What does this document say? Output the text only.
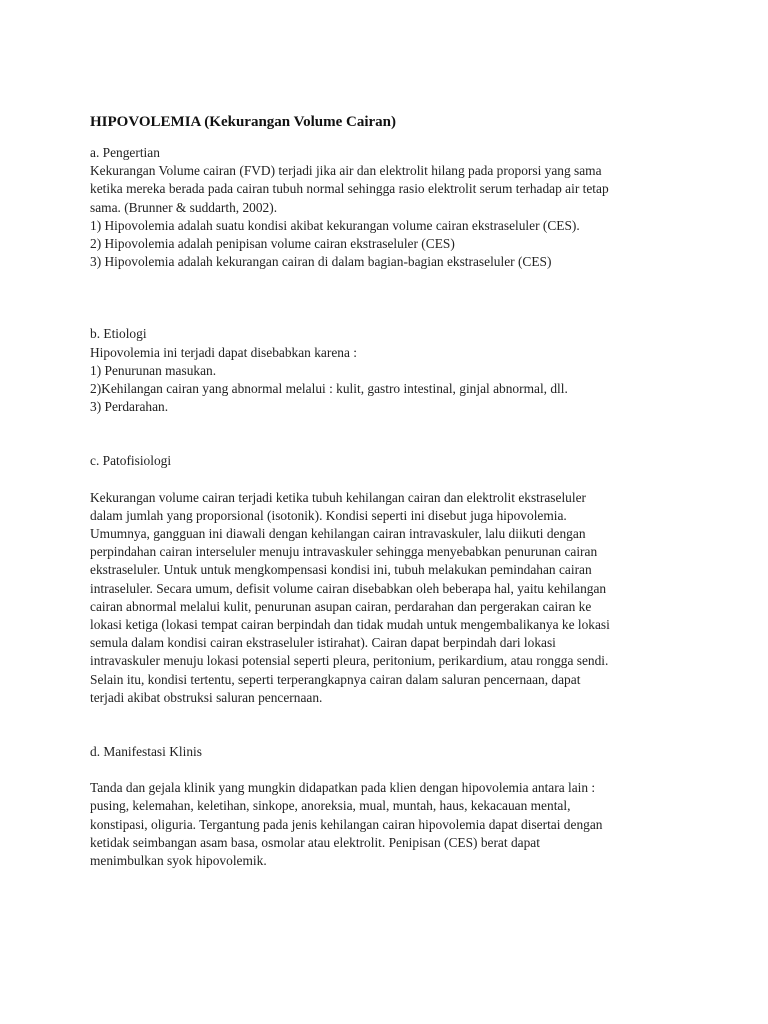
HIPOVOLEMIA (Kekurangan Volume Cairan)
a. Pengertian
Kekurangan Volume cairan (FVD) terjadi jika air dan elektrolit hilang pada proporsi yang sama
ketika mereka berada pada cairan tubuh normal sehingga rasio elektrolit serum terhadap air tetap
sama. (Brunner & suddarth, 2002).
1) Hipovolemia adalah suatu kondisi akibat kekurangan volume cairan ekstraseluler (CES).
2) Hipovolemia adalah penipisan volume cairan ekstraseluler (CES)
3) Hipovolemia adalah kekurangan cairan di dalam bagian-bagian ekstraseluler (CES)
b. Etiologi
Hipovolemia ini terjadi dapat disebabkan karena :
1) Penurunan masukan.
2)Kehilangan cairan yang abnormal melalui : kulit, gastro intestinal, ginjal abnormal, dll.
3) Perdarahan.
c. Patofisiologi
Kekurangan volume cairan terjadi ketika tubuh kehilangan cairan dan elektrolit ekstraseluler
dalam jumlah yang proporsional (isotonik). Kondisi seperti ini disebut juga hipovolemia.
Umumnya, gangguan ini diawali dengan kehilangan cairan intravaskuler, lalu diikuti dengan
perpindahan cairan interseluler menuju intravaskuler sehingga menyebabkan penurunan cairan
ekstraseluler. Untuk untuk mengkompensasi kondisi ini, tubuh melakukan pemindahan cairan
intraseluler. Secara umum, defisit volume cairan disebabkan oleh beberapa hal, yaitu kehilangan
cairan abnormal melalui kulit, penurunan asupan cairan, perdarahan dan pergerakan cairan ke
lokasi ketiga (lokasi tempat cairan berpindah dan tidak mudah untuk mengembalikanya ke lokasi
semula dalam kondisi cairan ekstraseluler istirahat). Cairan dapat berpindah dari lokasi
intravaskuler menuju lokasi potensial seperti pleura, peritonium, perikardium, atau rongga sendi.
Selain itu, kondisi tertentu, seperti terperangkapnya cairan dalam saluran pencernaan, dapat
terjadi akibat obstruksi saluran pencernaan.
d. Manifestasi Klinis
Tanda dan gejala klinik yang mungkin didapatkan pada klien dengan hipovolemia antara lain :
pusing, kelemahan, keletihan, sinkope, anoreksia, mual, muntah, haus, kekacauan mental,
konstipasi, oliguria. Tergantung pada jenis kehilangan cairan hipovolemia dapat disertai dengan
ketidak seimbangan asam basa, osmolar atau elektrolit. Penipisan (CES) berat dapat
menimbulkan syok hipovolemik.
